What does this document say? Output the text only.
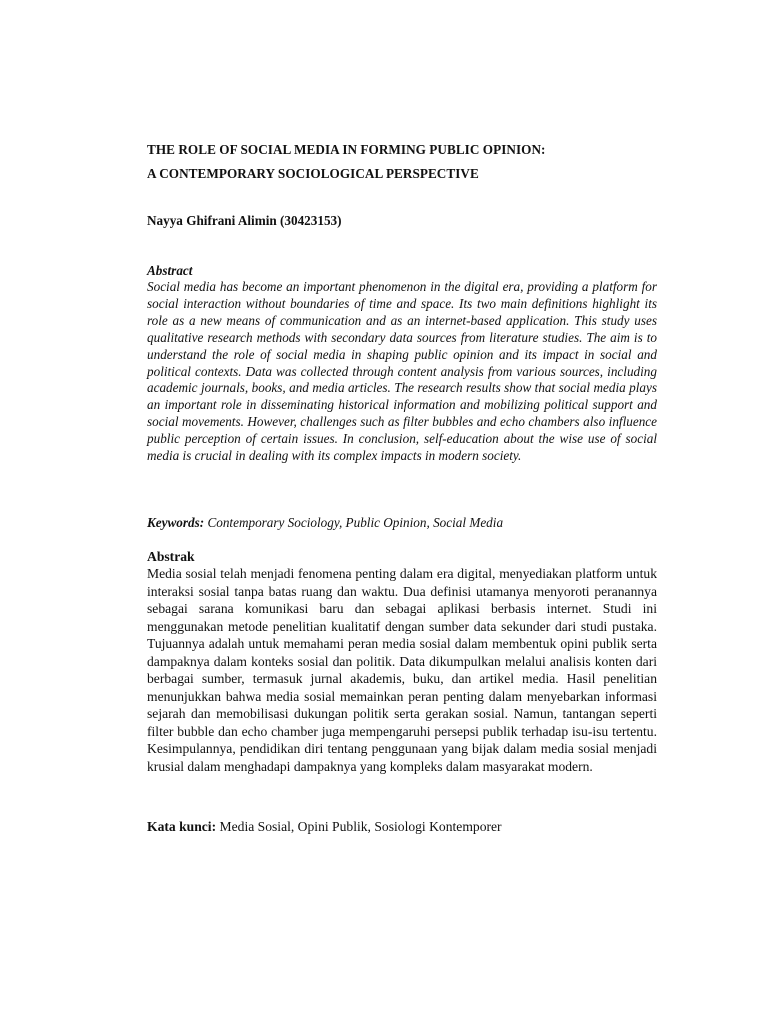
THE ROLE OF SOCIAL MEDIA IN FORMING PUBLIC OPINION:
A CONTEMPORARY SOCIOLOGICAL PERSPECTIVE
Nayya Ghifrani Alimin (30423153)
Abstract

Social media has become an important phenomenon in the digital era, providing a platform for social interaction without boundaries of time and space. Its two main definitions highlight its role as a new means of communication and as an internet-based application. This study uses qualitative research methods with secondary data sources from literature studies. The aim is to understand the role of social media in shaping public opinion and its impact in social and political contexts. Data was collected through content analysis from various sources, including academic journals, books, and media articles. The research results show that social media plays an important role in disseminating historical information and mobilizing political support and social movements. However, challenges such as filter bubbles and echo chambers also influence public perception of certain issues. In conclusion, self-education about the wise use of social media is crucial in dealing with its complex impacts in modern society.

Keywords: Contemporary Sociology, Public Opinion, Social Media
Abstrak

Media sosial telah menjadi fenomena penting dalam era digital, menyediakan platform untuk interaksi sosial tanpa batas ruang dan waktu. Dua definisi utamanya menyoroti peranannya sebagai sarana komunikasi baru dan sebagai aplikasi berbasis internet. Studi ini menggunakan metode penelitian kualitatif dengan sumber data sekunder dari studi pustaka. Tujuannya adalah untuk memahami peran media sosial dalam membentuk opini publik serta dampaknya dalam konteks sosial dan politik. Data dikumpulkan melalui analisis konten dari berbagai sumber, termasuk jurnal akademis, buku, dan artikel media. Hasil penelitian menunjukkan bahwa media sosial memainkan peran penting dalam menyebarkan informasi sejarah dan memobilisasi dukungan politik serta gerakan sosial. Namun, tantangan seperti filter bubble dan echo chamber juga mempengaruhi persepsi publik terhadap isu-isu tertentu. Kesimpulannya, pendidikan diri tentang penggunaan yang bijak dalam media sosial menjadi krusial dalam menghadapi dampaknya yang kompleks dalam masyarakat modern.

Kata kunci: Media Sosial, Opini Publik, Sosiologi Kontemporer
